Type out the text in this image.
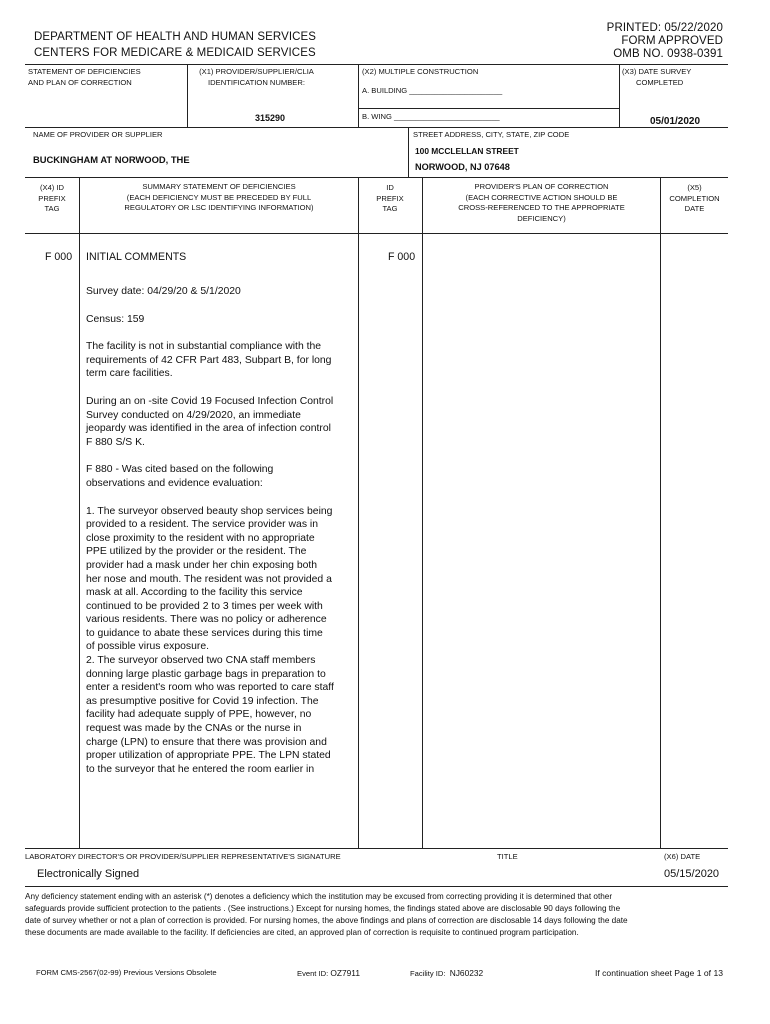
DEPARTMENT OF HEALTH AND HUMAN SERVICES
CENTERS FOR MEDICARE & MEDICAID SERVICES
PRINTED: 05/22/2020
FORM APPROVED
OMB NO. 0938-0391
STATEMENT OF DEFICIENCIES
AND PLAN OF CORRECTION
(X1) PROVIDER/SUPPLIER/CLIA
IDENTIFICATION NUMBER:
315290
(X2) MULTIPLE CONSTRUCTION
A. BUILDING ______________________
B. WING _________________________
(X3) DATE SURVEY
COMPLETED
05/01/2020
NAME OF PROVIDER OR SUPPLIER
BUCKINGHAM AT NORWOOD, THE
STREET ADDRESS, CITY, STATE, ZIP CODE
100 MCCLELLAN STREET
NORWOOD, NJ 07648
(X4) ID
PREFIX
TAG
SUMMARY STATEMENT OF DEFICIENCIES
(EACH DEFICIENCY MUST BE PRECEDED BY FULL
REGULATORY OR LSC IDENTIFYING INFORMATION)
ID
PREFIX
TAG
PROVIDER'S PLAN OF CORRECTION
(EACH CORRECTIVE ACTION SHOULD BE
CROSS-REFERENCED TO THE APPROPRIATE
DEFICIENCY)
(X5)
COMPLETION
DATE
F 000 INITIAL COMMENTS	F 000

Survey date: 04/29/20 & 5/1/2020

Census: 159

The facility is not in substantial compliance with the requirements of 42 CFR Part 483, Subpart B, for long term care facilities.

During an on -site Covid 19 Focused Infection Control Survey conducted on 4/29/2020, an immediate jeopardy was identified in the area of infection control F 880 S/S K.

F 880 - Was cited based on the following observations and evidence evaluation:

1. The surveyor observed beauty shop services being provided to a resident. The service provider was in close proximity to the resident with no appropriate PPE utilized by the provider or the resident. The provider had a mask under her chin exposing both her nose and mouth. The resident was not provided a mask at all. According to the facility this service continued to be provided 2 to 3 times per week with various residents. There was no policy or adherence to guidance to abate these services during this time of possible virus exposure.

2. The surveyor observed two CNA staff members donning large plastic garbage bags in preparation to enter a resident's room who was reported to care staff as presumptive positive for Covid 19 infection. The facility had adequate supply of PPE, however, no request was made by the CNAs or the nurse in charge (LPN) to ensure that there was provision and proper utilization of appropriate PPE. The LPN stated to the surveyor that he entered the room earlier in

LABORATORY DIRECTOR'S OR PROVIDER/SUPPLIER REPRESENTATIVE'S SIGNATURE	TITLE	(X6) DATE
Electronically Signed	05/15/2020
Any deficiency statement ending with an asterisk (*) denotes a deficiency which the institution may be excused from correcting providing it is determined that other
safeguards provide sufficient protection to the patients . (See instructions.) Except for nursing homes, the findings stated above are disclosable 90 days following the
date of survey whether or not a plan of correction is provided. For nursing homes, the above findings and plans of correction are disclosable 14 days following the date
these documents are made available to the facility. If deficiencies are cited, an approved plan of correction is requisite to continued program participation.
FORM CMS-2567(02-99) Previous Versions Obsolete	Event ID: OZ7911	Facility ID: NJ60232	If continuation sheet Page 1 of 13
